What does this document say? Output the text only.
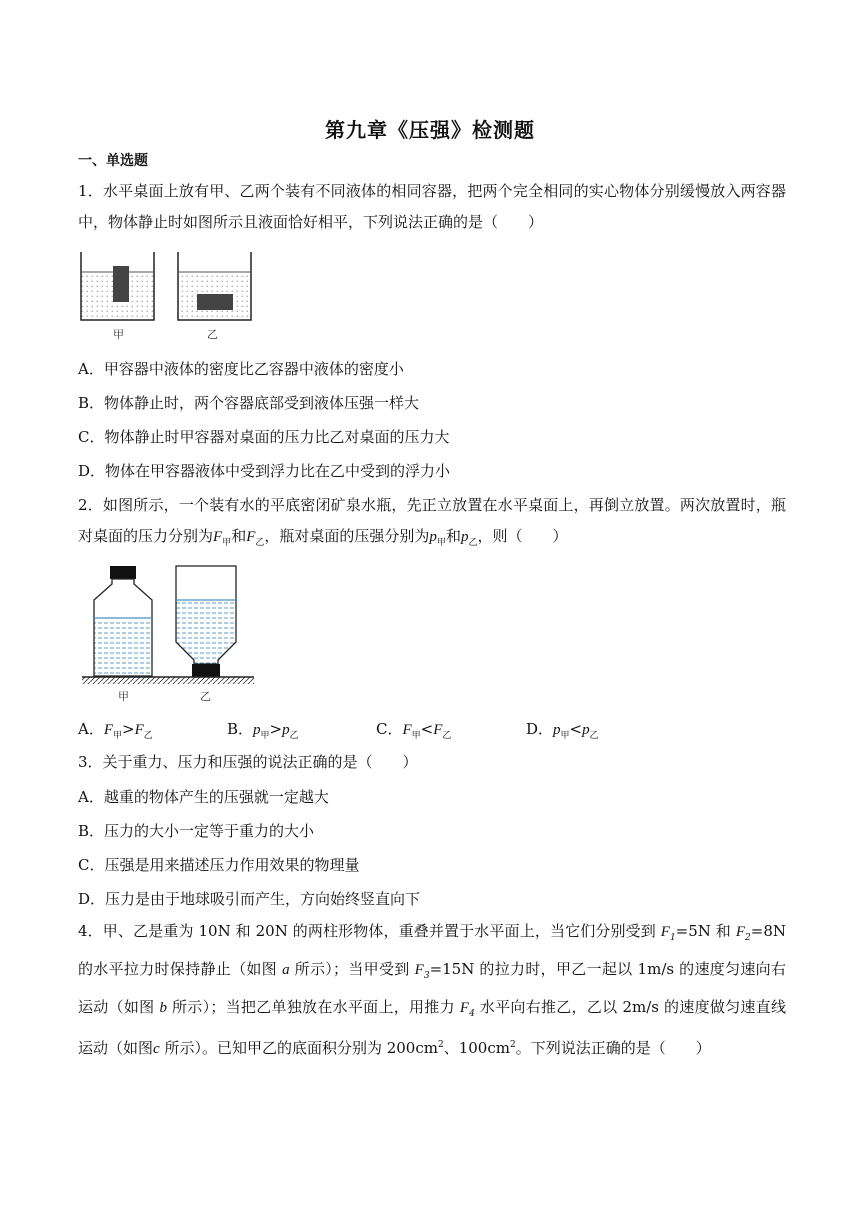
第九章《压强》检测题
一、单选题
1．水平桌面上放有甲、乙两个装有不同液体的相同容器，把两个完全相同的实心物体分别缓慢放入两容器中，物体静止时如图所示且液面恰好相平，下列说法正确的是（　　）
甲	乙
A．甲容器中液体的密度比乙容器中液体的密度小
B．物体静止时，两个容器底部受到液体压强一样大
C．物体静止时甲容器对桌面的压力比乙对桌面的压力大
D．物体在甲容器液体中受到浮力比在乙中受到的浮力小
2．如图所示，一个装有水的平底密闭矿泉水瓶，先正立放置在水平桌面上，再倒立放置。两次放置时，瓶对桌面的压力分别为$F_甲$和$F_乙$，瓶对桌面的压强分别为$p_甲$和$p_乙$，则（　　）
甲	乙
A．$F_甲>F_乙$	B．$p_甲>p_乙$	C．$F_甲<F_乙$	D．$p_甲<p_乙$
3．关于重力、压力和压强的说法正确的是（　　）
A．越重的物体产生的压强就一定越大
B．压力的大小一定等于重力的大小
C．压强是用来描述压力作用效果的物理量
D．压力是由于地球吸引而产生，方向始终竖直向下
4．甲、乙是重为 10N 和 20N 的两柱形物体，重叠并置于水平面上，当它们分别受到 $F_1=5N$ 和 $F_2=8N$ 的水平拉力时保持静止（如图 a 所示）；当甲受到 $F_3=15N$ 的拉力时，甲乙一起以 1m/s 的速度匀速向右运动（如图 b 所示）；当把乙单独放在水平面上，用推力 $F_4$ 水平向右推乙，乙以 2m/s 的速度做匀速直线运动（如图c 所示）。已知甲乙的底面积分别为 $200cm^2$、$100cm^2$。下列说法正确的是（　　）
